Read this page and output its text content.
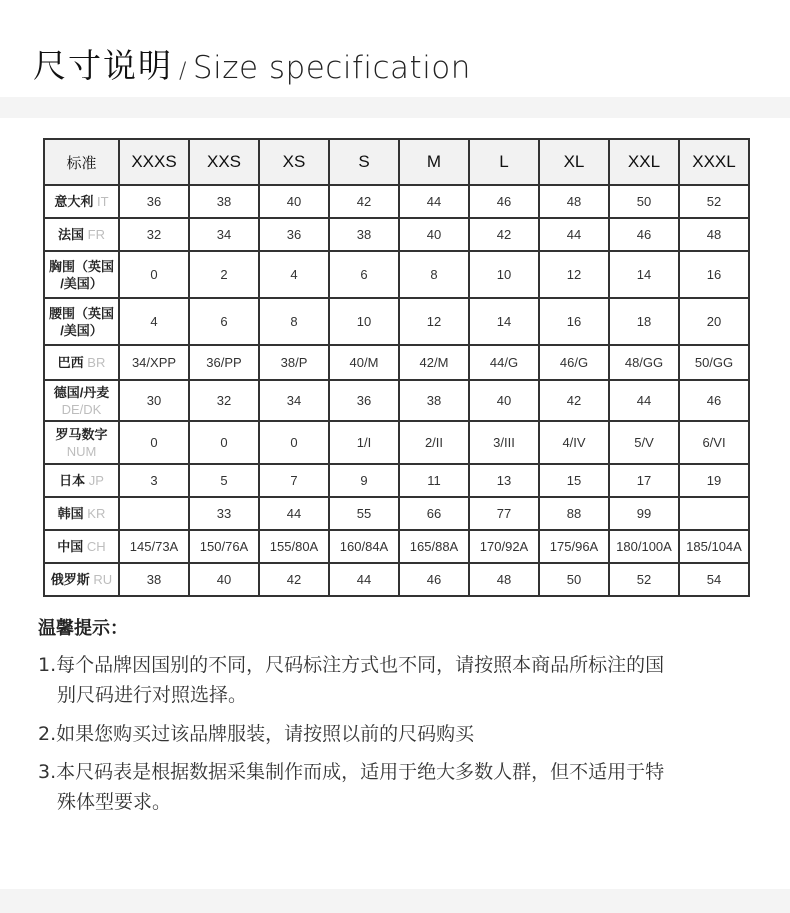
尺寸说明 / Size specification
标准	XXXS	XXS	XS	S	M	L	XL	XXL	XXXL
意大利 IT	36	38	40	42	44	46	48	50	52
法国 FR	32	34	36	38	40	42	44	46	48
胸围（英国
/美国）	0	2	4	6	8	10	12	14	16
腰围（英国
/美国）	4	6	8	10	12	14	16	18	20
巴西 BR	34/XPP	36/PP	38/P	40/M	42/M	44/G	46/G	48/GG	50/GG
德国/丹麦
DE/DK	30	32	34	36	38	40	42	44	46
罗马数字
NUM	0	0	0	1/I	2/II	3/III	4/IV	5/V	6/VI
日本 JP	3	5	7	9	11	13	15	17	19
韩国 KR		33	44	55	66	77	88	99	
中国 CH	145/73A	150/76A	155/80A	160/84A	165/88A	170/92A	175/96A	180/100A	185/104A
俄罗斯 RU	38	40	42	44	46	48	50	52	54
温馨提示：
1.每个品牌因国别的不同，尺码标注方式也不同，请按照本商品所标注的国
别尺码进行对照选择。
2.如果您购买过该品牌服装，请按照以前的尺码购买
3.本尺码表是根据数据采集制作而成，适用于绝大多数人群，但不适用于特
殊体型要求。
